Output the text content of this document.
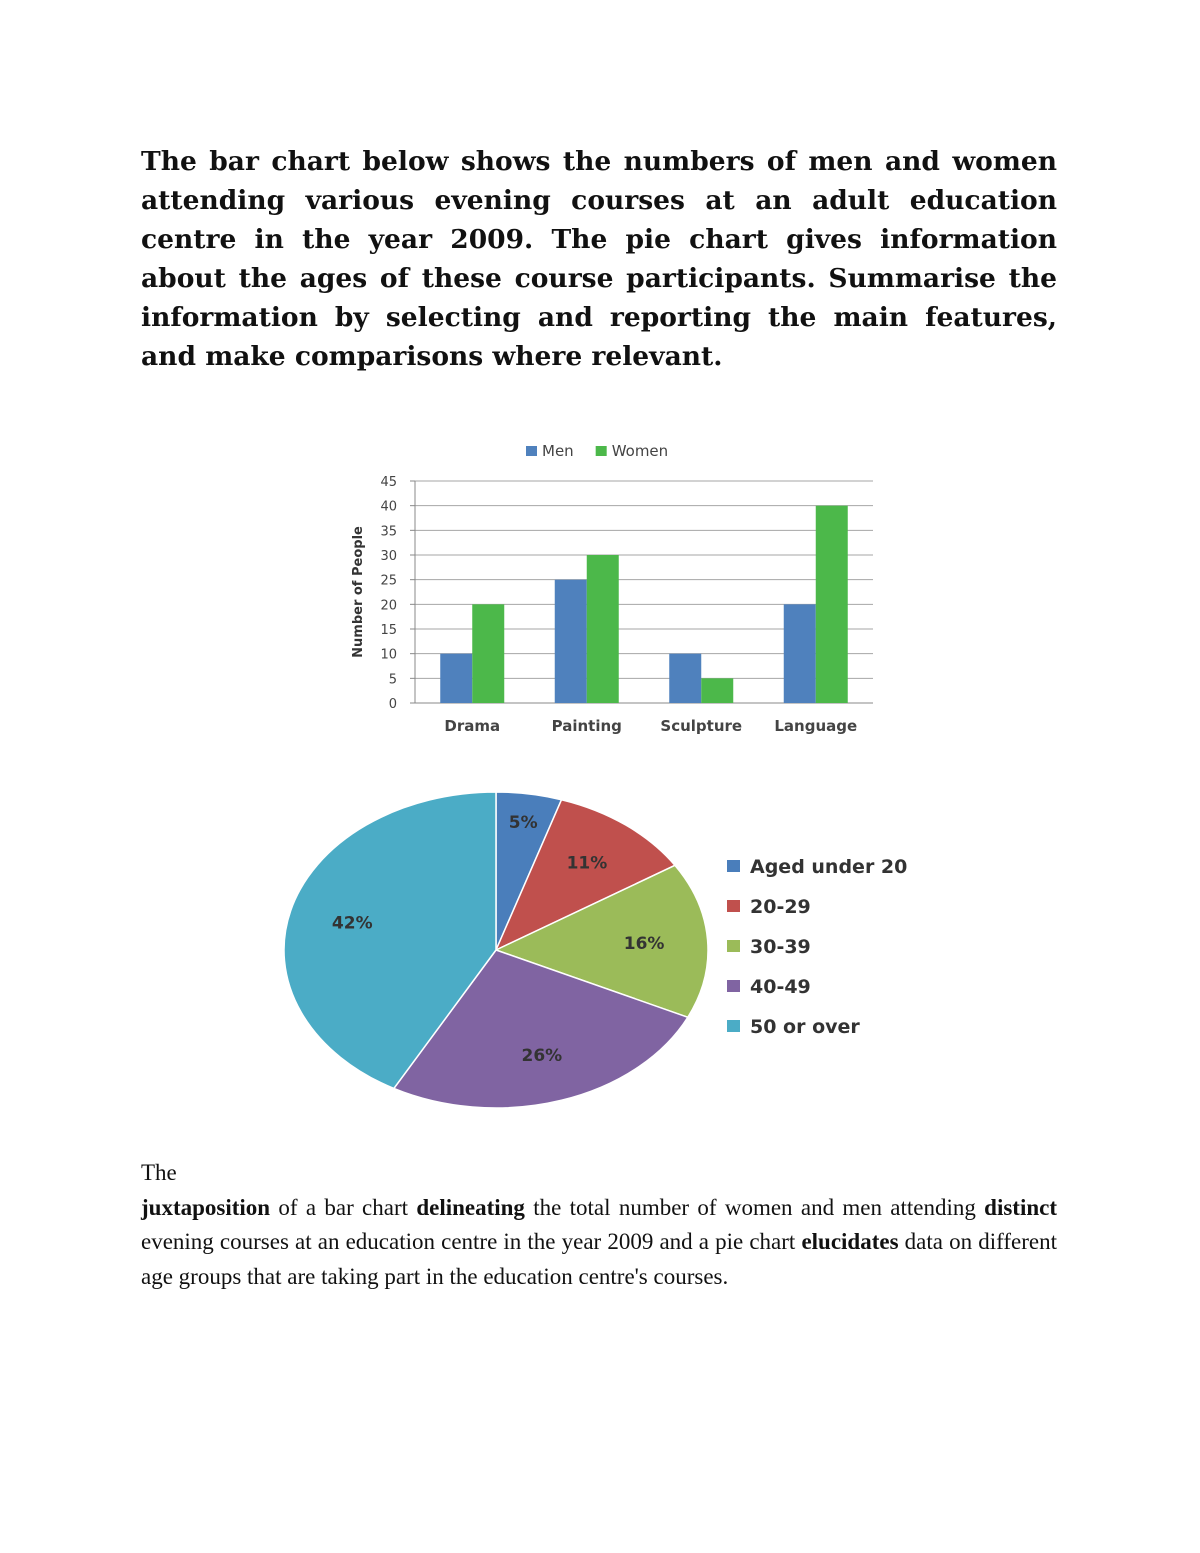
The bar chart below shows the numbers of men and women attending various evening courses at an adult education centre in the year 2009. The pie chart gives information about the ages of these course participants. Summarise the information by selecting and reporting the main features, and make comparisons where relevant.

Men	Women
0
5
10
15
20
25
30
35
40
45
Number of People
Drama	Painting	Sculpture Language
5%
11%
16%
26%
42%
Aged under 20
20-29
30-39
40-49
50 or over

The
juxtaposition of a bar chart delineating the total number of women and men attending distinct evening courses at an education centre in the year 2009 and a pie chart elucidates data on different age groups that are taking part in the education centre's courses.
